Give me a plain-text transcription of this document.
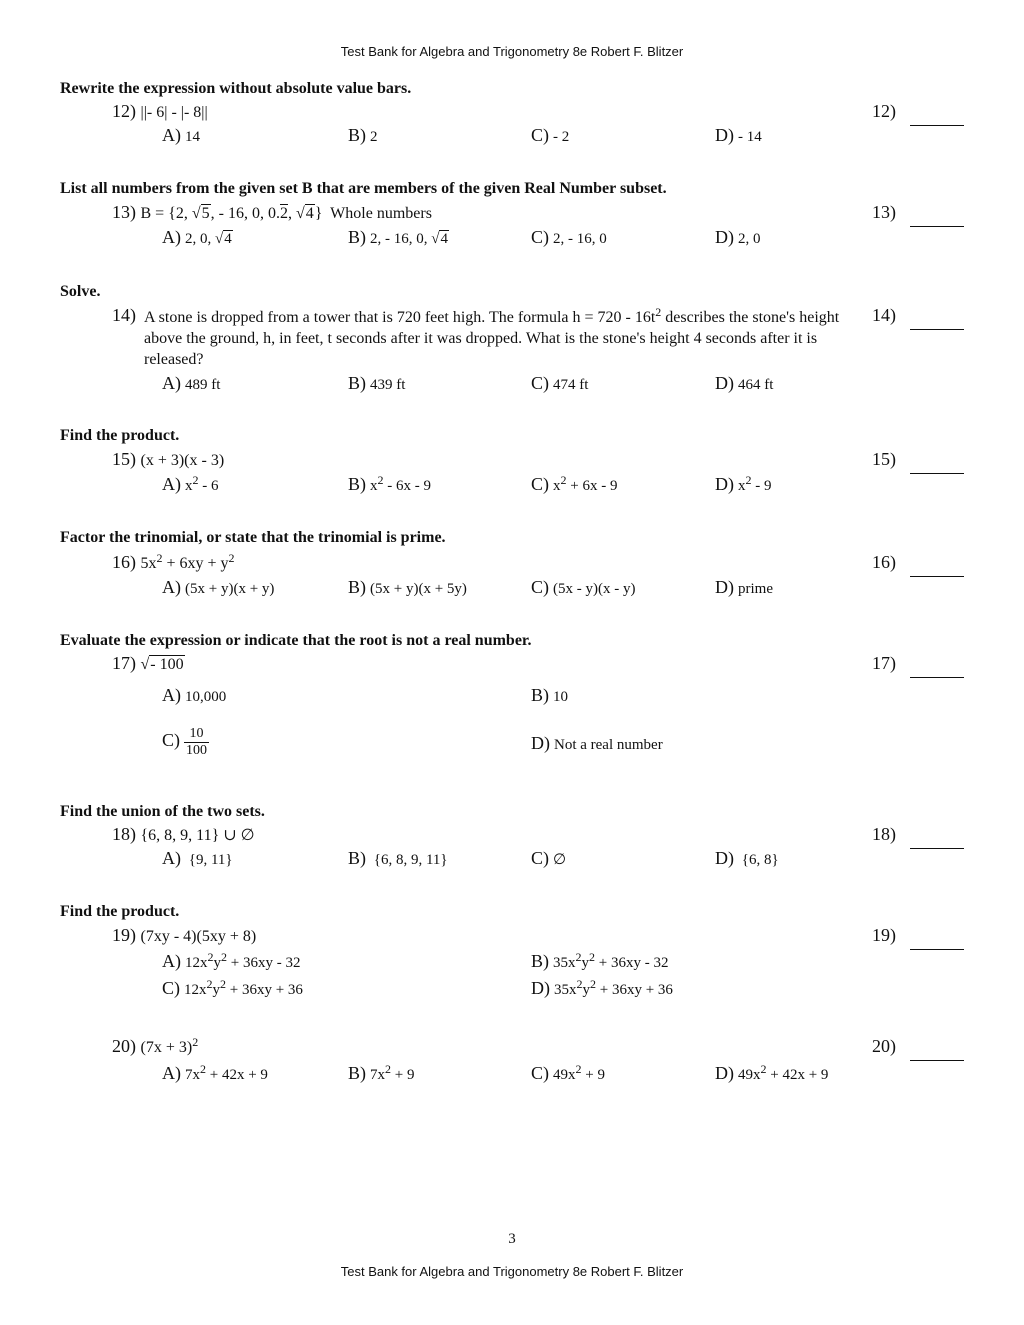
Test Bank for Algebra and Trigonometry 8e Robert F. Blitzer
Rewrite the expression without absolute value bars.
12) ||- 6| - |- 8||	12)
A) 14	B) 2	C) - 2	D) - 14
List all numbers from the given set B that are members of the given Real Number subset.
13) B = {2, √5, - 16, 0, 0.2, √4} Whole numbers	13)
A) 2, 0, √4	B) 2, - 16, 0, √4	C) 2, - 16, 0	D) 2, 0
Solve.
14) A stone is dropped from a tower that is 720 feet high. The formula $h = 720 - 16t^2$ describes the stone's height above the ground, h, in feet, t seconds after it was dropped. What is the stone's height 4 seconds after it is released?
14)
A) 489 ft	B) 439 ft	C) 474 ft	D) 464 ft
Find the product.
15) (x + 3)(x - 3)	15)
A) $x^2 - 6$	B) $x^2 - 6x - 9$	C) $x^2 + 6x - 9$	D) $x^2 - 9$
Factor the trinomial, or state that the trinomial is prime.
16) $5x^2 + 6xy + y^2$	16)
A) (5x + y)(x + y)	B) (5x + y)(x + 5y)	C) (5x - y)(x - y)	D) prime
Evaluate the expression or indicate that the root is not a real number.
17) √- 100	17)
A) 10,000	B) 10
$C) \frac{10}{100}$	D) Not a real number
Find the union of the two sets.
18) {6, 8, 9, 11} ∪ ∅	18)
A) {9, 11}	B) {6, 8, 9, 11}	C) ∅	D) {6, 8}
Find the product.
19) (7xy - 4)(5xy + 8)	19)
A) $12x^2y^2 + 36xy - 32$	B) $35x^2y^2 + 36xy - 32$
C) $12x^2y^2 + 36xy + 36$	D) $35x^2y^2 + 36xy + 36$
20) $(7x + 3)^2$	20)
A) $7x^2 + 42x + 9$	B) $7x^2 + 9$	C) $49x^2 + 9$	D) $49x^2 + 42x + 9$
3
Test Bank for Algebra and Trigonometry 8e Robert F. Blitzer
